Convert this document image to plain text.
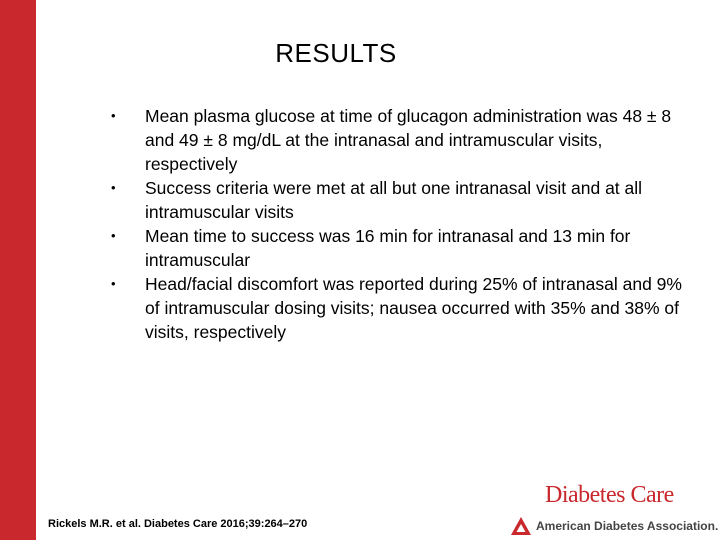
RESULTS
• Mean plasma glucose at time of glucagon administration was 48 ± 8 and 49 ± 8 mg/dL at the intranasal and intramuscular visits, respectively
• Success criteria were met at all but one intranasal visit and at all intramuscular visits
• Mean time to success was 16 min for intranasal and 13 min for intramuscular
• Head/facial discomfort was reported during 25% of intranasal and 9% of intramuscular dosing visits; nausea occurred with 35% and 38% of visits, respectively
Rickels M.R. et al. Diabetes Care 2016;39:264–270
Diabetes Care
American Diabetes Association.
